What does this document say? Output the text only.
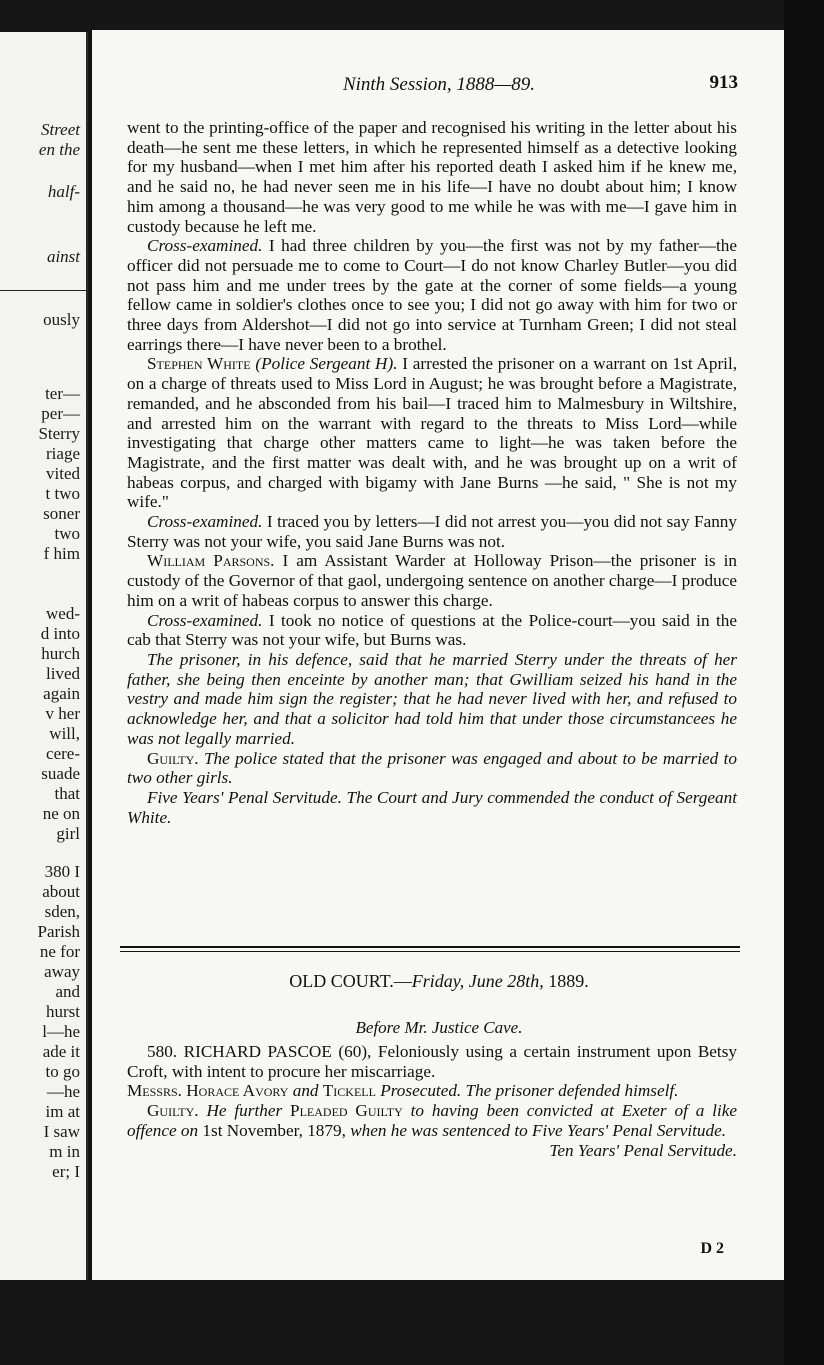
Street
en the
half-
ainst
ously
ter—
per—
Sterry
riage
vited
t two
soner
two
f him
wed-
d into
hurch
lived
again
v her
will,
cere-
suade
that
ne on
girl
380 I
about
sden,
Parish
ne for
away
and
hurst
l—he
ade it
to go
—he
im at
I saw
m in
er; I
Ninth Session, 1888—89.	913

went to the printing-office of the paper and recognised his writing in the letter about his death—he sent me these letters, in which he represented himself as a detective looking for my husband—when I met him after his reported death I asked him if he knew me, and he said no, he had never seen me in his life—I have no doubt about him; I know him among a thousand—he was very good to me while he was with me—I gave him in custody because he left me.

Cross-examined. I had three children by you—the first was not by my father—the officer did not persuade me to come to Court—I do not know Charley Butler—you did not pass him and me under trees by the gate at the corner of some fields—a young fellow came in soldier's clothes once to see you; I did not go away with him for two or three days from Aldershot—I did not go into service at Turnham Green; I did not steal earrings there—I have never been to a brothel.

Stephen White (Police Sergeant H). I arrested the prisoner on a warrant on 1st April, on a charge of threats used to Miss Lord in August; he was brought before a Magistrate, remanded, and he absconded from his bail—I traced him to Malmesbury in Wiltshire, and arrested him on the warrant with regard to the threats to Miss Lord—while investigating that charge other matters came to light—he was taken before the Magistrate, and the first matter was dealt with, and he was brought up on a writ of habeas corpus, and charged with bigamy with Jane Burns —he said, " She is not my wife."

Cross-examined. I traced you by letters—I did not arrest you—you did not say Fanny Sterry was not your wife, you said Jane Burns was not.

William Parsons. I am Assistant Warder at Holloway Prison—the prisoner is in custody of the Governor of that gaol, undergoing sentence on another charge—I produce him on a writ of habeas corpus to answer this charge.

Cross-examined. I took no notice of questions at the Police-court—you said in the cab that Sterry was not your wife, but Burns was.

The prisoner, in his defence, said that he married Sterry under the threats of her father, she being then enceinte by another man; that Gwilliam seized his hand in the vestry and made him sign the register; that he had never lived with her, and refused to acknowledge her, and that a solicitor had told him that under those circumstancees he was not legally married.

Guilty. The police stated that the prisoner was engaged and about to be married to two other girls.

Five Years' Penal Servitude. The Court and Jury commended the conduct of Sergeant White.

OLD COURT.—Friday, June 28th, 1889.
Before Mr. Justice Cave.

580. RICHARD PASCOE (60), Feloniously using a certain instrument upon Betsy Croft, with intent to procure her miscarriage.

Messrs. Horace Avory and Tickell Prosecuted. The prisoner defended himself.

Guilty. He further Pleaded Guilty to having been convicted at Exeter of a like offence on 1st November, 1879, when he was sentenced to Five Years' Penal Servitude.

Ten Years' Penal Servitude.

D 2
